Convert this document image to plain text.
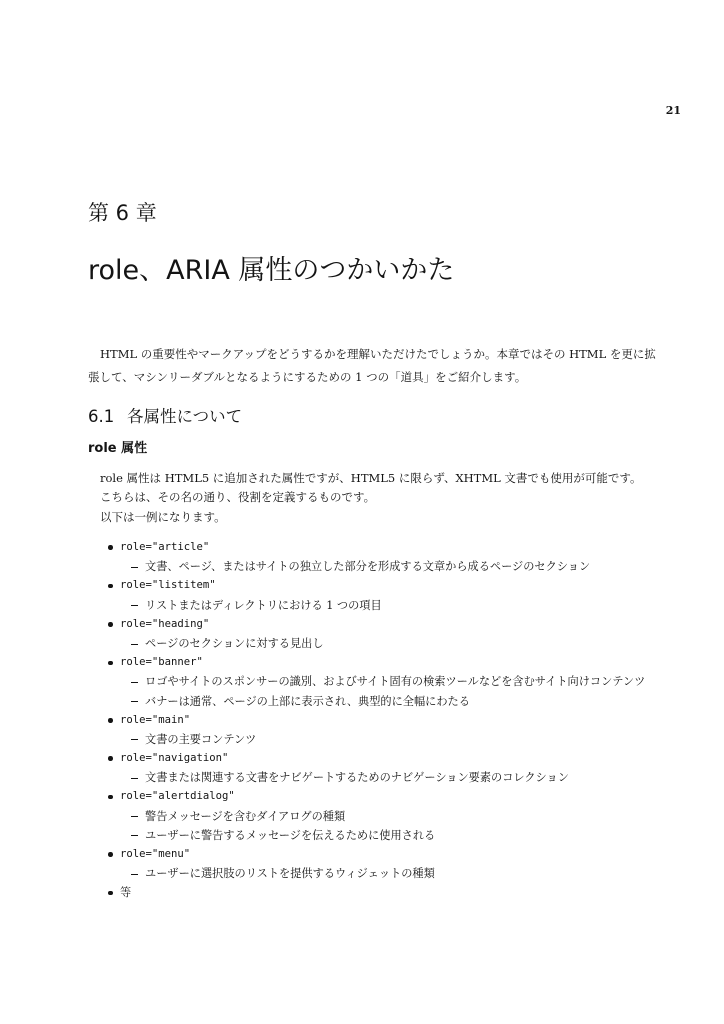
21
第 6 章
role、ARIA 属性のつかいかた
HTML の重要性やマークアップをどうするかを理解いただけたでしょうか。本章ではその HTML を更に拡
張して、マシンリーダブルとなるようにするための 1 つの「道具」をご紹介します。
6.1 各属性について
role 属性
role 属性は HTML5 に追加された属性ですが、HTML5 に限らず、XHTML 文書でも使用が可能です。
こちらは、その名の通り、役割を定義するものです。
以下は一例になります。
role="article"
文書、ページ、またはサイトの独立した部分を形成する文章から成るページのセクション
role="listitem"
リストまたはディレクトリにおける 1 つの項目
role="heading"
ページのセクションに対する見出し
role="banner"
ロゴやサイトのスポンサーの識別、およびサイト固有の検索ツールなどを含むサイト向けコンテンツ
バナーは通常、ページの上部に表示され、典型的に全幅にわたる
role="main"
文書の主要コンテンツ
role="navigation"
文書または関連する文書をナビゲートするためのナビゲーション要素のコレクション
role="alertdialog"
警告メッセージを含むダイアログの種類
ユーザーに警告するメッセージを伝えるために使用される
role="menu"
ユーザーに選択肢のリストを提供するウィジェットの種類
等
